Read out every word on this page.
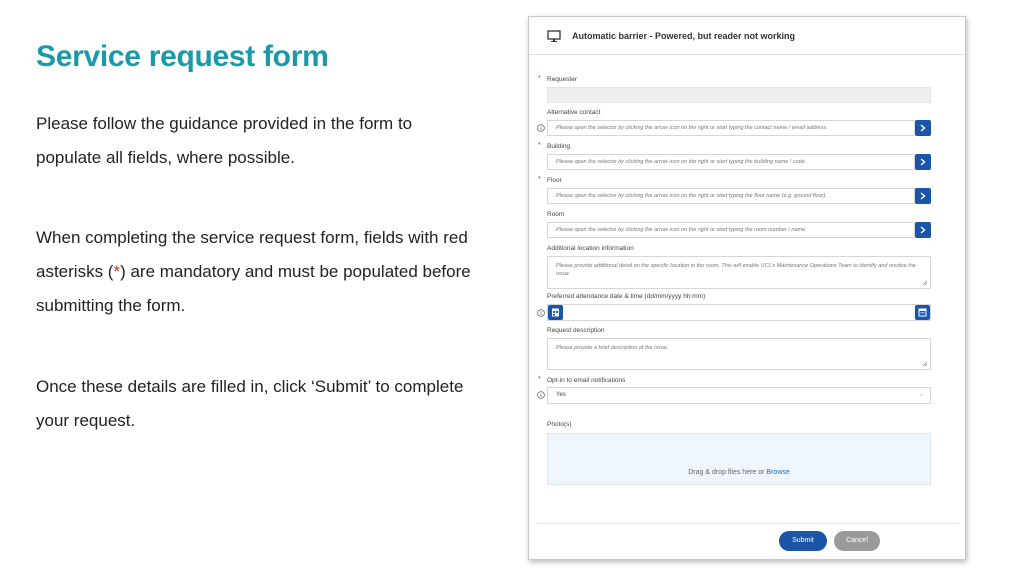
Service request form
Please follow the guidance provided in the form to populate all fields, where possible.
When completing the service request form, fields with red asterisks (*) are mandatory and must be populated before submitting the form.
Once these details are filled in, click ‘Submit’ to complete your request.
Automatic barrier - Powered, but reader not working
* Requester
Alternative contact
Please open the selector by clicking the arrow icon on the right or start typing the contact name / email address.
* Building
Please open the selector by clicking the arrow icon on the right or start typing the building name / code.
* Floor
Please open the selector by clicking the arrow icon on the right or start typing the floor name (e.g. ground floor).
Room
Please open the selector by clicking the arrow icon on the right or start typing the room number / name.
Additional location information
Please provide additional detail on the specific location in the room. This will enable UCL’s Maintenance Operations Team to identify and resolve the issue.
Preferred attendance date & time (dd/mm/yyyy hh:mm)
Request description
Please provide a brief description of the issue.
* Opt-in to email notifications
Yes	⌄
Photo(s)
Drag & drop files here or Browse
Submit	Cancel
